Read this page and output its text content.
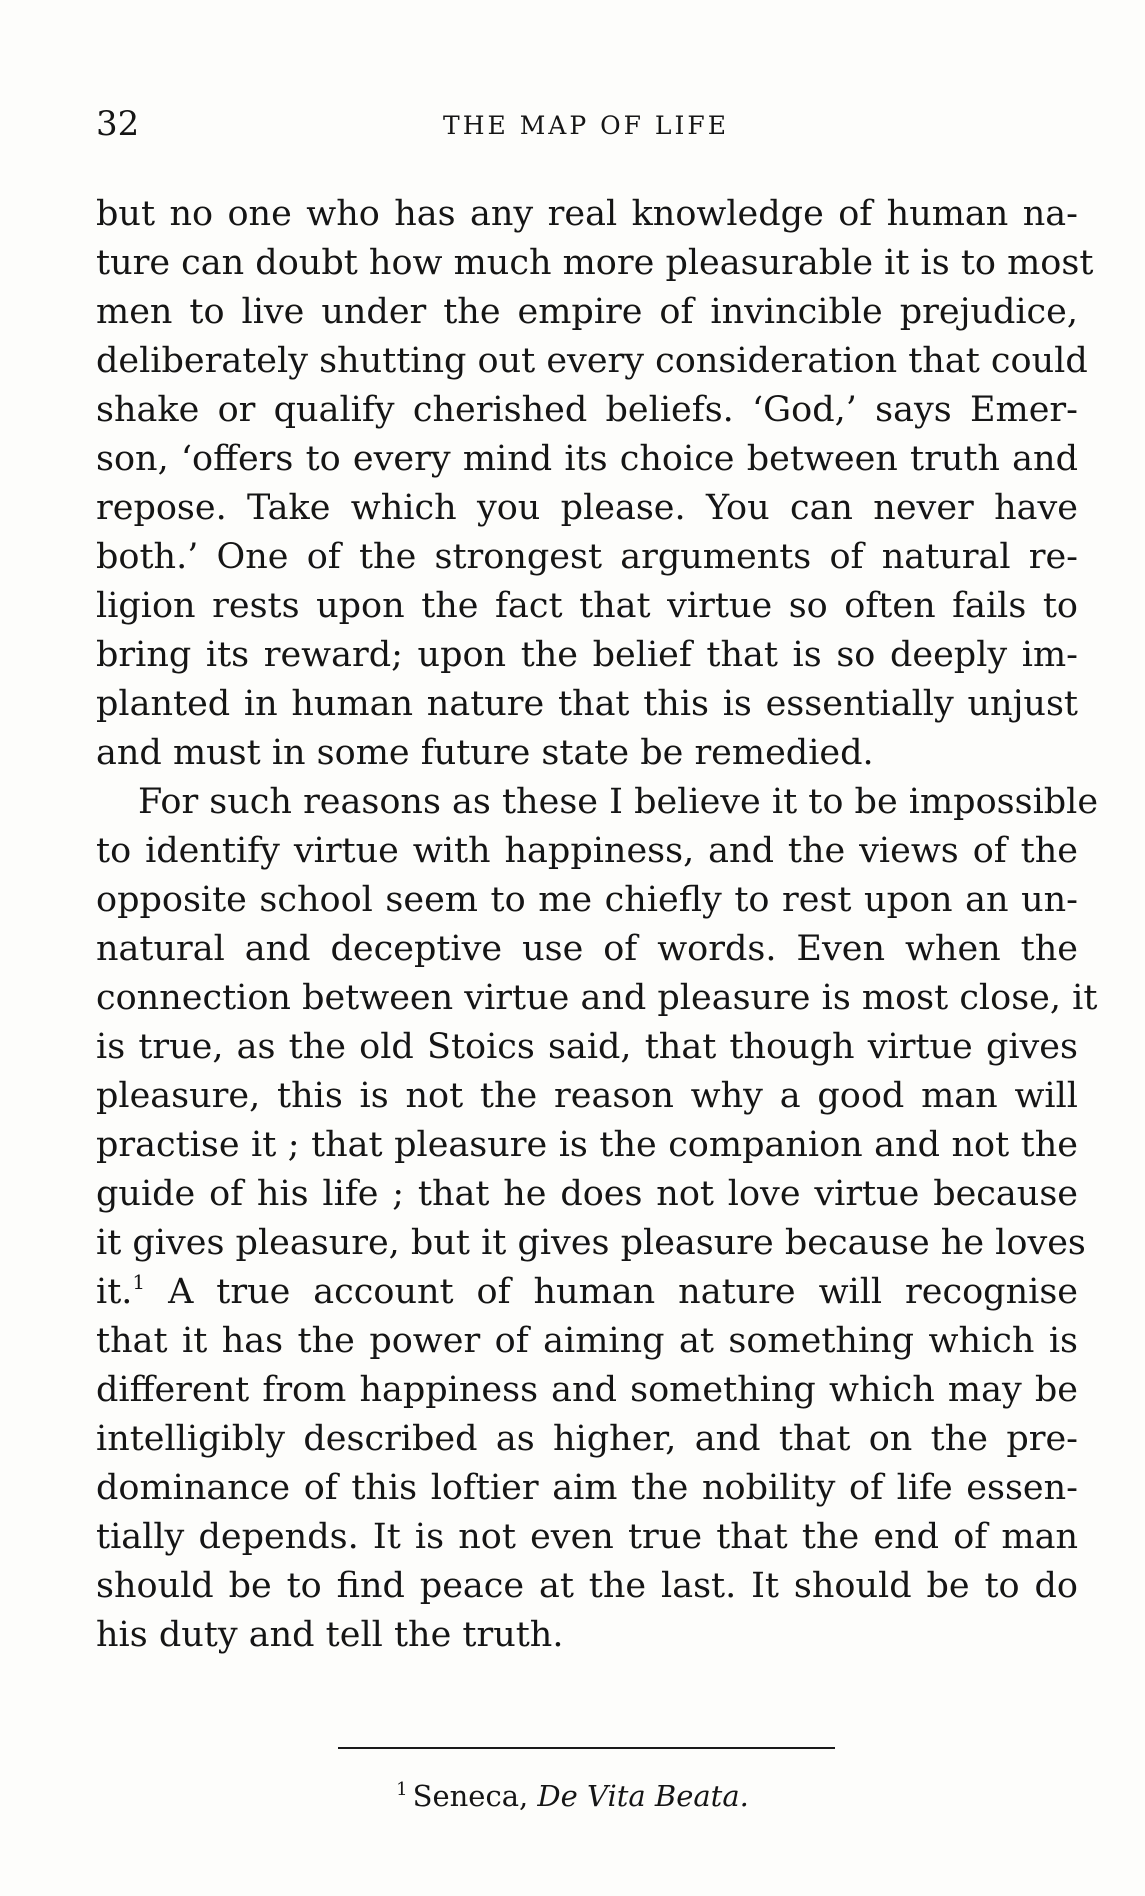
32	THE MAP OF LIFE
but no one who has any real knowledge of human na-
ture can doubt how much more pleasurable it is to most
men to live under the empire of invincible prejudice,
deliberately shutting out every consideration that could
shake or qualify cherished beliefs. ‘God,’ says Emer-
son, ‘offers to every mind its choice between truth and
repose. Take which you please. You can never have
both.’ One of the strongest arguments of natural re-
ligion rests upon the fact that virtue so often fails to
bring its reward; upon the belief that is so deeply im-
planted in human nature that this is essentially unjust
and must in some future state be remedied.
For such reasons as these I believe it to be impossible
to identify virtue with happiness, and the views of the
opposite school seem to me chiefly to rest upon an un-
natural and deceptive use of words. Even when the
connection between virtue and pleasure is most close, it
is true, as the old Stoics said, that though virtue gives
pleasure, this is not the reason why a good man will
practise it ; that pleasure is the companion and not the
guide of his life ; that he does not love virtue because
it gives pleasure, but it gives pleasure because he loves
it.$^1$ A true account of human nature will recognise
that it has the power of aiming at something which is
different from happiness and something which may be
intelligibly described as higher, and that on the pre-
dominance of this loftier aim the nobility of life essen-
tially depends. It is not even true that the end of man
should be to find peace at the last. It should be to do
his duty and tell the truth.
$^1$ Seneca, De Vita Beata.
